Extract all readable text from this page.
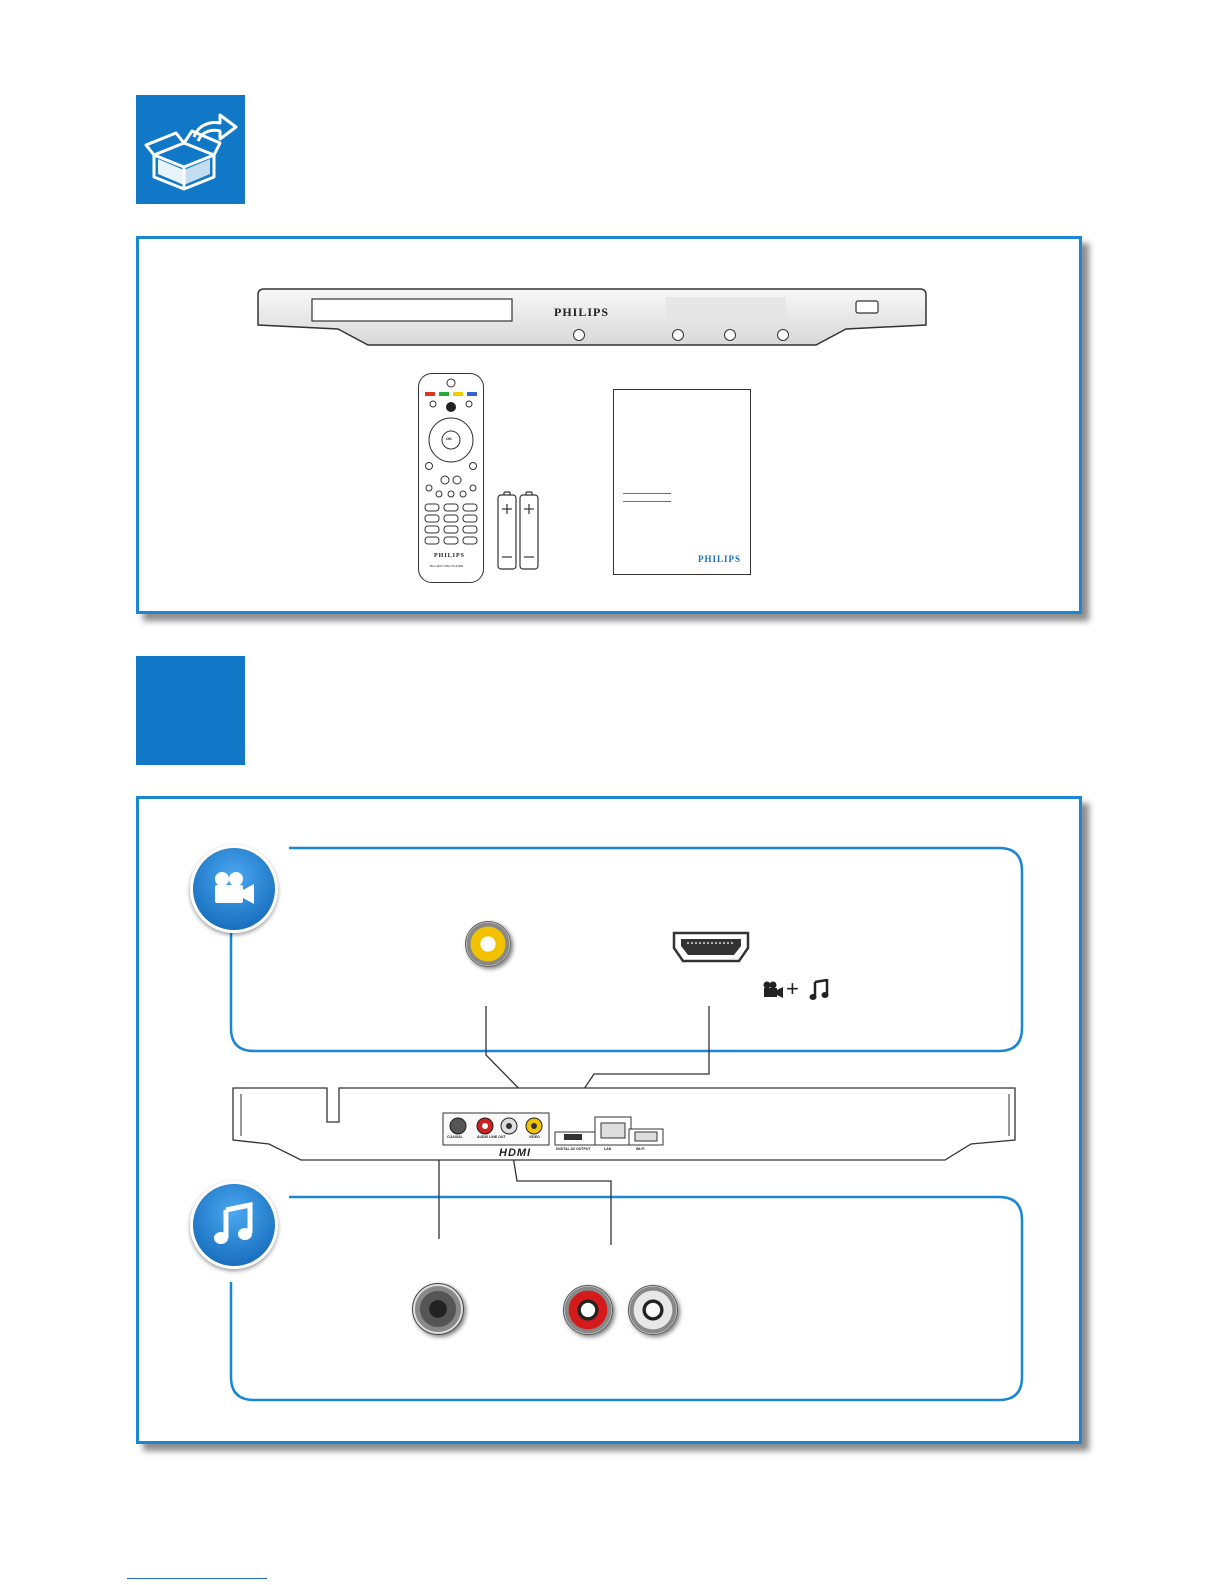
PHILIPS
OK
PHILIPS
BLU-RAY DISC PLAYER
PHILIPS
+
COAXIAL	AUDIO LINE OUT	VIDEO
DIGITAL AV OUTPUT	LAN	Wi-Fi
HDMI
